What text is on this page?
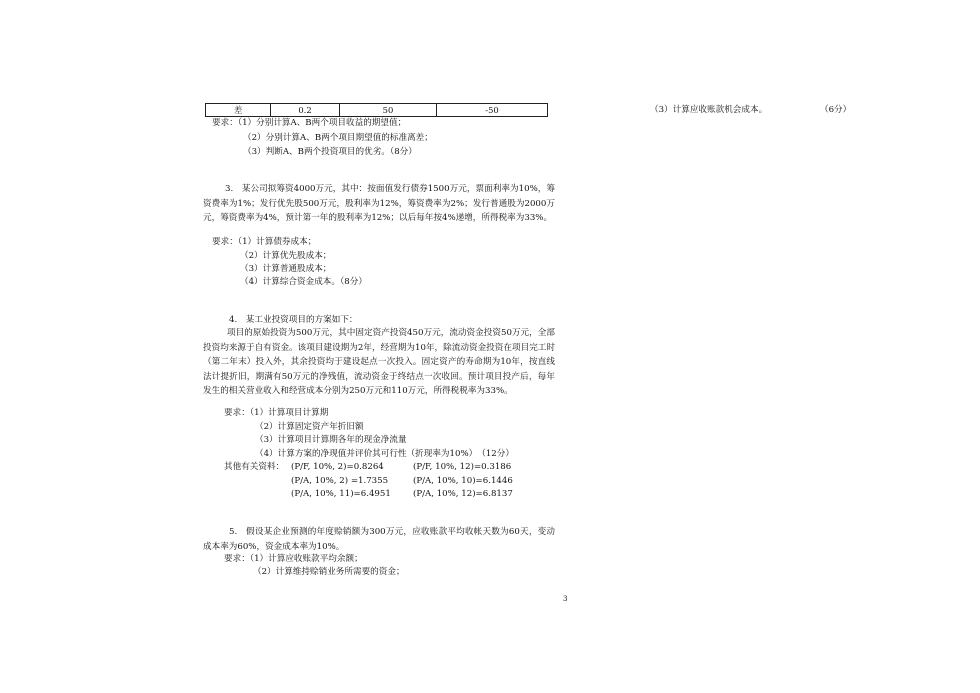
差	0.2	50	-50
要求：（1）分别计算A、B两个项目收益的期望值；
（2）分别计算A、B两个项目期望值的标准离差；
（3）判断A、B两个投资项目的优劣。（8分）
3.　某公司拟筹资4000万元，其中：按面值发行债券1500万元，票面利率为10%，筹资费率为1%；发行优先股500万元，股利率为12%，筹资费率为2%；发行普通股为2000万元，筹资费率为4%，预计第一年的股利率为12%；以后每年按4%递增，所得税率为33%。
要求：（1）计算债券成本；
（2）计算优先股成本；
（3）计算普通股成本；
（4）计算综合资金成本。（8分）
4.　某工业投资项目的方案如下：
项目的原始投资为500万元，其中固定资产投资450万元，流动资金投资50万元，全部投资均来源于自有资金。该项目建设期为2年，经营期为10年，除流动资金投资在项目完工时（第二年末）投入外，其余投资均于建设起点一次投入。固定资产的寿命期为10年，按直线法计提折旧，期满有50万元的净残值，流动资金于终结点一次收回。预计项目投产后，每年发生的相关营业收入和经营成本分别为250万元和110万元，所得税税率为33%。
要求：（1）计算项目计算期
（2）计算固定资产年折旧额
（3）计算项目计算期各年的现金净流量
（4）计算方案的净现值并评价其可行性（折现率为10%）　（12分）
其他有关资料： (P/F, 10%, 2)=0.8264	(P/F, 10%, 12)=0.3186
(P/A, 10%, 2) =1.7355	(P/A, 10%, 10)=6.1446
(P/A, 10%, 11)=6.4951	(P/A, 10%, 12)=6.8137
5.　假设某企业预测的年度赊销额为300万元，应收账款平均收帐天数为60天，变动成本率为60%，资金成本率为10%。
要求：（1）计算应收账款平均余额；
（2）计算维持赊销业务所需要的资金；
（3）计算应收账款机会成本。	（6分）
3
